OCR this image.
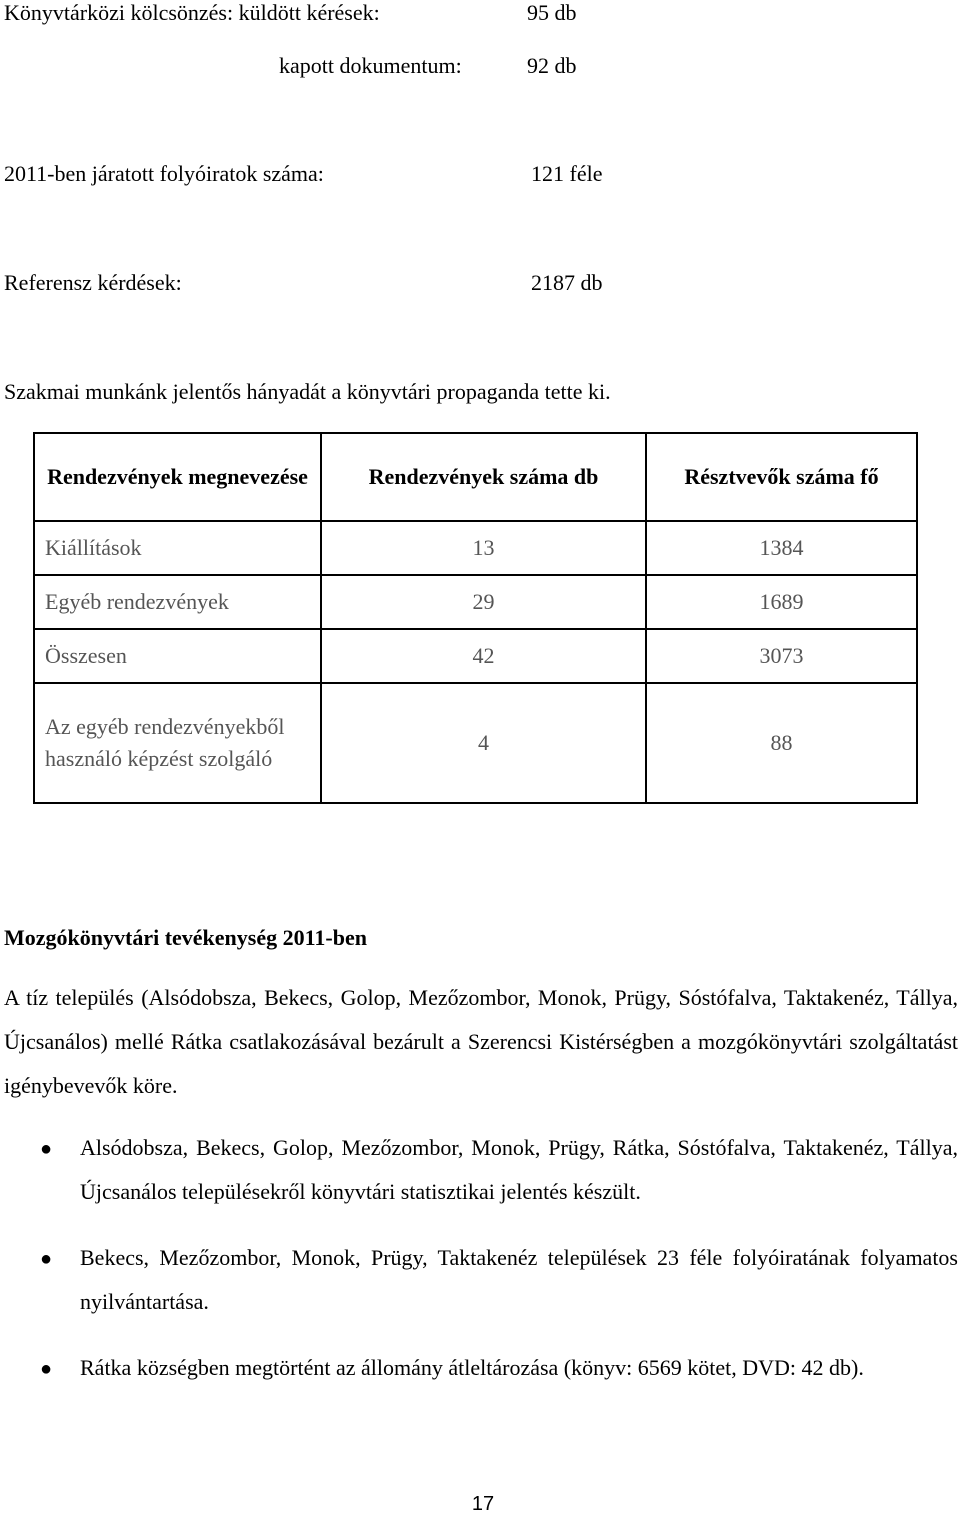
Könyvtárközi kölcsönzés: küldött kérések:	95 db
kapott dokumentum:	92 db
2011-ben járatott folyóiratok száma:	121 féle
Referensz kérdések:	2187 db
Szakmai munkánk jelentős hányadát a könyvtári propaganda tette ki.
Rendezvények megnevezése	Rendezvények száma db	Résztvevők száma fő
Kiállítások	13	1384
Egyéb rendezvények	29	1689
Összesen	42	3073
Az egyéb rendezvényekből használó képzést szolgáló	4	88
Mozgókönyvtári tevékenység 2011-ben

A tíz település (Alsódobsza, Bekecs, Golop, Mezőzombor, Monok, Prügy, Sóstófalva, Taktakenéz, Tállya, Újcsanálos) mellé Rátka csatlakozásával bezárult a Szerencsi Kistérségben a mozgókönyvtári szolgáltatást igénybevevők köre.

● Alsódobsza, Bekecs, Golop, Mezőzombor, Monok, Prügy, Rátka, Sóstófalva, Taktakenéz, Tállya, Újcsanálos településekről könyvtári statisztikai jelentés készült.
● Bekecs, Mezőzombor, Monok, Prügy, Taktakenéz települések 23 féle folyóiratának folyamatos nyilvántartása.
● Rátka községben megtörtént az állomány átleltározása (könyv: 6569 kötet, DVD: 42 db).
17
